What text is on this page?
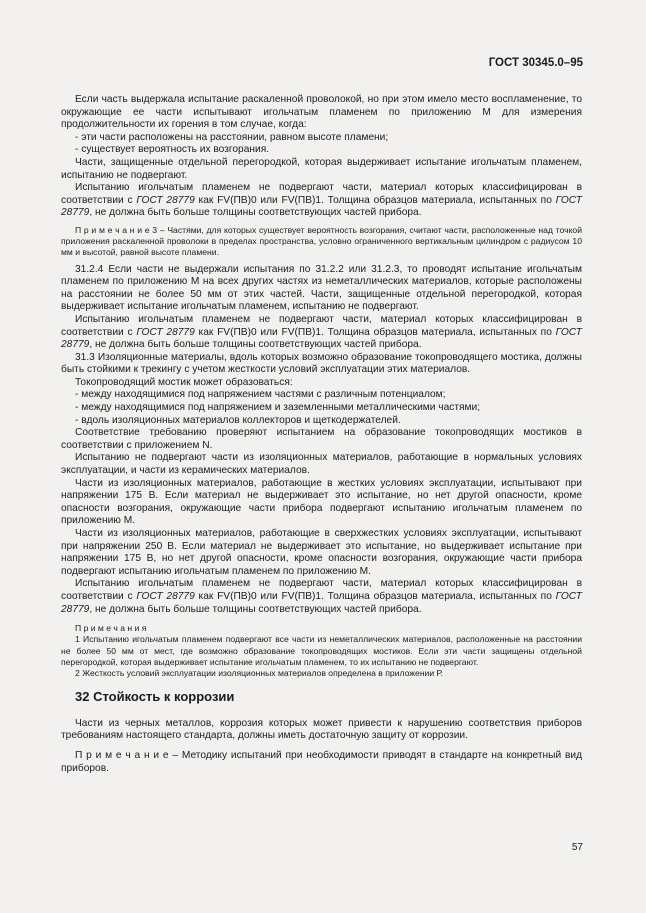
ГОСТ 30345.0–95

Если часть выдержала испытание раскаленной проволокой, но при этом имело место воспламенение, то окружающие ее части испытывают игольчатым пламенем по приложению М для измерения продолжительности их горения в том случае, когда:

- эти части расположены на расстоянии, равном высоте пламени;

- существует вероятность их возгорания.

Части, защищенные отдельной перегородкой, которая выдерживает испытание игольчатым пламенем, испытанию не подвергают.

Испытанию игольчатым пламенем не подвергают части, материал которых классифицирован в соответствии с ГОСТ 28779 как FV(ПВ)0 или FV(ПВ)1. Толщина образцов материала, испытанных по ГОСТ 28779, не должна быть больше толщины соответствующих частей прибора.

П р и м е ч а н и е 3 – Частями, для которых существует вероятность возгорания, считают части, расположенные над точкой приложения раскаленной проволоки в пределах пространства, условно ограниченного вертикальным цилиндром с радиусом 10 мм и высотой, равной высоте пламени.

31.2.4 Если части не выдержали испытания по 31.2.2 или 31.2.3, то проводят испытание игольчатым пламенем по приложению М на всех других частях из неметаллических материалов, которые расположены на расстоянии не более 50 мм от этих частей. Части, защищенные отдельной перегородкой, которая выдерживает испытание игольчатым пламенем, испытанию не подвергают.

Испытанию игольчатым пламенем не подвергают части, материал которых классифицирован в соответствии с ГОСТ 28779 как FV(ПВ)0 или FV(ПВ)1. Толщина образцов материала, испытанных по ГОСТ 28779, не должна быть больше толщины соответствующих частей прибора.

31.3 Изоляционные материалы, вдоль которых возможно образование токопроводящего мостика, должны быть стойкими к трекингу с учетом жесткости условий эксплуатации этих материалов.

Токопроводящий мостик может образоваться:

- между находящимися под напряжением частями с различным потенциалом;

- между находящимися под напряжением и заземленными металлическими частями;

- вдоль изоляционных материалов коллекторов и щеткодержателей.

Соответствие требованию проверяют испытанием на образование токопроводящих мостиков в соответствии с приложением N.

Испытанию не подвергают части из изоляционных материалов, работающие в нормальных условиях эксплуатации, и части из керамических материалов.

Части из изоляционных материалов, работающие в жестких условиях эксплуатации, испытывают при напряжении 175 В. Если материал не выдерживает это испытание, но нет другой опасности, кроме опасности возгорания, окружающие части прибора подвергают испытанию игольчатым пламенем по приложению М.

Части из изоляционных материалов, работающие в сверхжестких условиях эксплуатации, испытывают при напряжении 250 В. Если материал не выдерживает это испытание, но выдерживает испытание при напряжении 175 В, но нет другой опасности, кроме опасности возгорания, окружающие части прибора подвергают испытанию игольчатым пламенем по приложению М.

Испытанию игольчатым пламенем не подвергают части, материал которых классифицирован в соответствии с ГОСТ 28779 как FV(ПВ)0 или FV(ПВ)1. Толщина образцов материала, испытанных по ГОСТ 28779, не должна быть больше толщины соответствующих частей прибора.

П р и м е ч а н и я

1 Испытанию игольчатым пламенем подвергают все части из неметаллических материалов, расположенные на расстоянии не более 50 мм от мест, где возможно образование токопроводящих мостиков. Если эти части защищены отдельной перегородкой, которая выдерживает испытание игольчатым пламенем, то их испытанию не подвергают.

2 Жесткость условий эксплуатации изоляционных материалов определена в приложении Р.

32 Стойкость к коррозии

Части из черных металлов, коррозия которых может привести к нарушению соответствия приборов требованиям настоящего стандарта, должны иметь достаточную защиту от коррозии.

П р и м е ч а н и е – Методику испытаний при необходимости приводят в стандарте на конкретный вид приборов.

57
